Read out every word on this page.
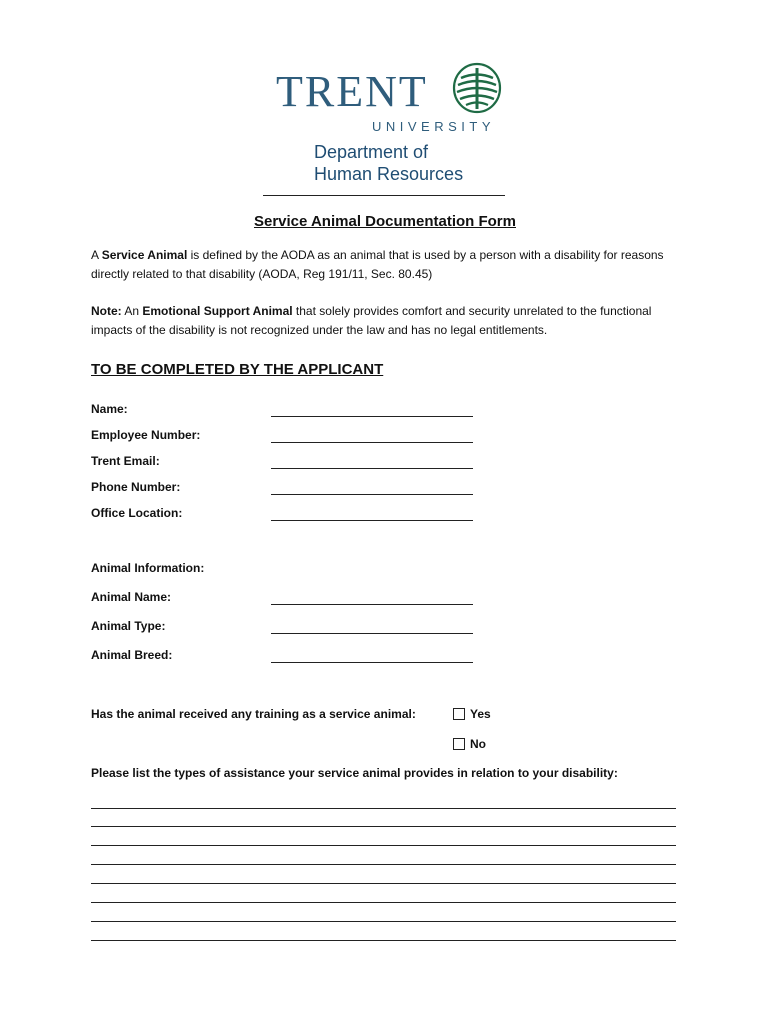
TRENT
UNIVERSITY
Department of
Human Resources
Service Animal Documentation Form
A Service Animal is defined by the AODA as an animal that is used by a person with a disability for reasons directly related to that disability (AODA, Reg 191/11, Sec. 80.45)
Note: An Emotional Support Animal that solely provides comfort and security unrelated to the functional impacts of the disability is not recognized under the law and has no legal entitlements.
TO BE COMPLETED BY THE APPLICANT
Name:
Employee Number:
Trent Email:
Phone Number:
Office Location:
Animal Information:
Animal Name:
Animal Type:
Animal Breed:
Has the animal received any training as a service animal:	Yes
No
Please list the types of assistance your service animal provides in relation to your disability:
